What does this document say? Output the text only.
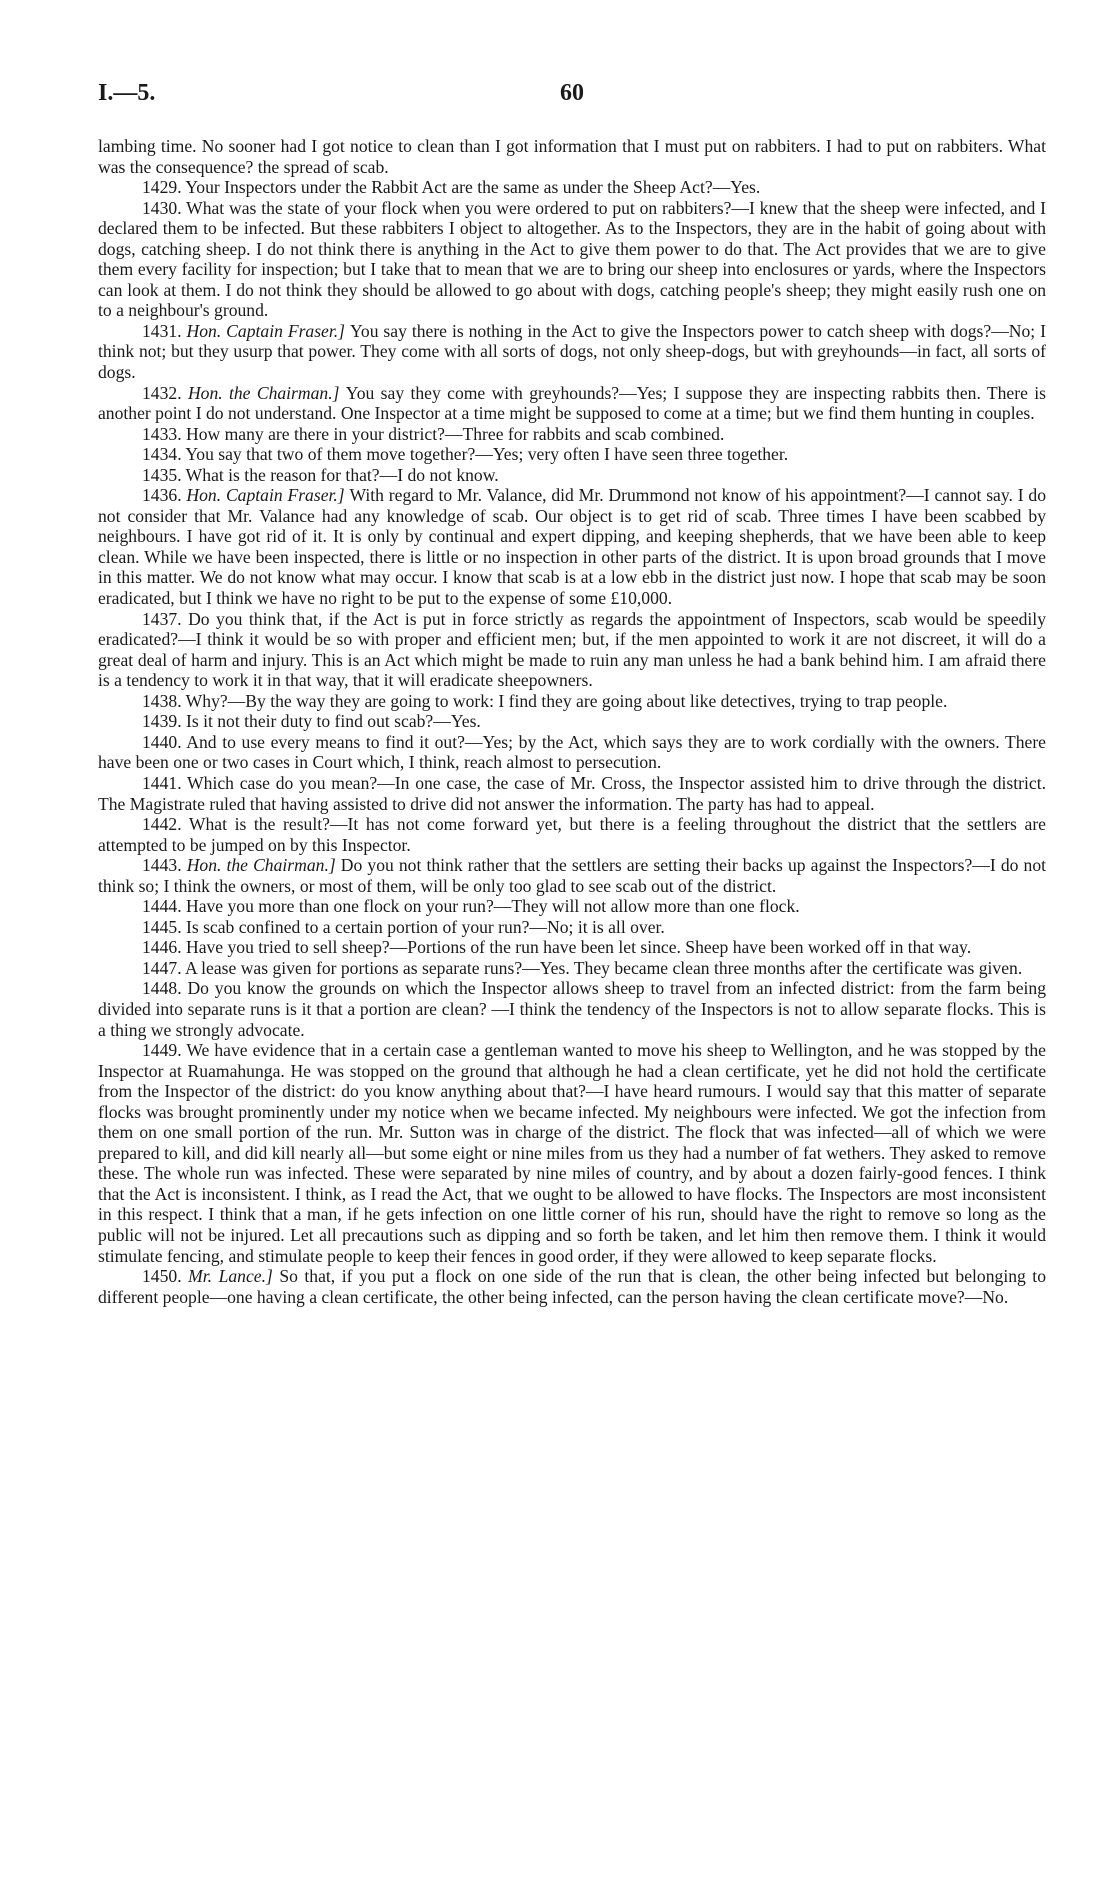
I.—5.	60

lambing time. No sooner had I got notice to clean than I got information that I must put on rabbiters. I had to put on rabbiters. What was the consequence? the spread of scab.

1429. Your Inspectors under the Rabbit Act are the same as under the Sheep Act?—Yes.

1430. What was the state of your flock when you were ordered to put on rabbiters?—I knew that the sheep were infected, and I declared them to be infected. But these rabbiters I object to altogether. As to the Inspectors, they are in the habit of going about with dogs, catching sheep. I do not think there is anything in the Act to give them power to do that. The Act provides that we are to give them every facility for inspection; but I take that to mean that we are to bring our sheep into enclosures or yards, where the Inspectors can look at them. I do not think they should be allowed to go about with dogs, catching people's sheep; they might easily rush one on to a neighbour's ground.

1431. Hon. Captain Fraser.] You say there is nothing in the Act to give the Inspectors power to catch sheep with dogs?—No; I think not; but they usurp that power. They come with all sorts of dogs, not only sheep-dogs, but with greyhounds—in fact, all sorts of dogs.

1432. Hon. the Chairman.] You say they come with greyhounds?—Yes; I suppose they are inspecting rabbits then. There is another point I do not understand. One Inspector at a time might be supposed to come at a time; but we find them hunting in couples.

1433. How many are there in your district?—Three for rabbits and scab combined.

1434. You say that two of them move together?—Yes; very often I have seen three together.

1435. What is the reason for that?—I do not know.

1436. Hon. Captain Fraser.] With regard to Mr. Valance, did Mr. Drummond not know of his appointment?—I cannot say. I do not consider that Mr. Valance had any knowledge of scab. Our object is to get rid of scab. Three times I have been scabbed by neighbours. I have got rid of it. It is only by continual and expert dipping, and keeping shepherds, that we have been able to keep clean. While we have been inspected, there is little or no inspection in other parts of the district. It is upon broad grounds that I move in this matter. We do not know what may occur. I know that scab is at a low ebb in the district just now. I hope that scab may be soon eradicated, but I think we have no right to be put to the expense of some £10,000.

1437. Do you think that, if the Act is put in force strictly as regards the appointment of Inspectors, scab would be speedily eradicated?—I think it would be so with proper and efficient men; but, if the men appointed to work it are not discreet, it will do a great deal of harm and injury. This is an Act which might be made to ruin any man unless he had a bank behind him. I am afraid there is a tendency to work it in that way, that it will eradicate sheepowners.

1438. Why?—By the way they are going to work: I find they are going about like detectives, trying to trap people.

1439. Is it not their duty to find out scab?—Yes.

1440. And to use every means to find it out?—Yes; by the Act, which says they are to work cordially with the owners. There have been one or two cases in Court which, I think, reach almost to persecution.

1441. Which case do you mean?—In one case, the case of Mr. Cross, the Inspector assisted him to drive through the district. The Magistrate ruled that having assisted to drive did not answer the information. The party has had to appeal.

1442. What is the result?—It has not come forward yet, but there is a feeling throughout the district that the settlers are attempted to be jumped on by this Inspector.

1443. Hon. the Chairman.] Do you not think rather that the settlers are setting their backs up against the Inspectors?—I do not think so; I think the owners, or most of them, will be only too glad to see scab out of the district.

1444. Have you more than one flock on your run?—They will not allow more than one flock.

1445. Is scab confined to a certain portion of your run?—No; it is all over.

1446. Have you tried to sell sheep?—Portions of the run have been let since. Sheep have been worked off in that way.

1447. A lease was given for portions as separate runs?—Yes. They became clean three months after the certificate was given.

1448. Do you know the grounds on which the Inspector allows sheep to travel from an infected district: from the farm being divided into separate runs is it that a portion are clean? —I think the tendency of the Inspectors is not to allow separate flocks. This is a thing we strongly advocate.

1449. We have evidence that in a certain case a gentleman wanted to move his sheep to Wellington, and he was stopped by the Inspector at Ruamahunga. He was stopped on the ground that although he had a clean certificate, yet he did not hold the certificate from the Inspector of the district: do you know anything about that?—I have heard rumours. I would say that this matter of separate flocks was brought prominently under my notice when we became infected. My neighbours were infected. We got the infection from them on one small portion of the run. Mr. Sutton was in charge of the district. The flock that was infected—all of which we were prepared to kill, and did kill nearly all—but some eight or nine miles from us they had a number of fat wethers. They asked to remove these. The whole run was infected. These were separated by nine miles of country, and by about a dozen fairly-good fences. I think that the Act is inconsistent. I think, as I read the Act, that we ought to be allowed to have flocks. The Inspectors are most inconsistent in this respect. I think that a man, if he gets infection on one little corner of his run, should have the right to remove so long as the public will not be injured. Let all precautions such as dipping and so forth be taken, and let him then remove them. I think it would stimulate fencing, and stimulate people to keep their fences in good order, if they were allowed to keep separate flocks.

1450. Mr. Lance.] So that, if you put a flock on one side of the run that is clean, the other being infected but belonging to different people—one having a clean certificate, the other being infected, can the person having the clean certificate move?—No.
